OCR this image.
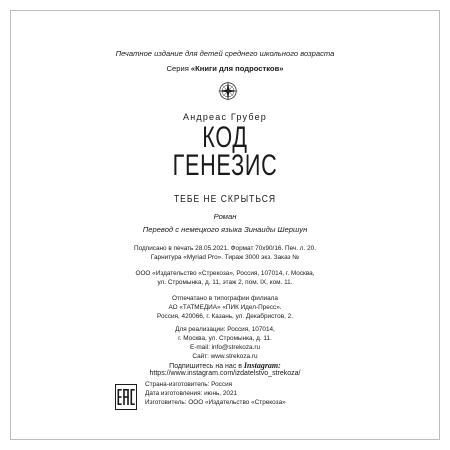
Печатное издание для детей среднего школьного возраста
Серия «Книги для подростков»
Андреас Грубер
КОД
ГЕНЕЗИС
ТЕБЕ НЕ СКРЫТЬСЯ
Роман
Перевод с немецкого языка Зинаиды Шершун
Подписано в печать 28.05.2021. Формат 70х90/16. Печ. л. 20.
Гарнитура «Myriad Pro». Тираж 3000 экз. Заказ №
ООО «Издательство «Стрекоза», Россия, 107014, г. Москва,
ул. Стромынка, д. 11, этаж 2, пом. IX, ком. 11.
Отпечатано в типографии филиала
АО «ТАТМЕДИА» «ПИК Идел-Пресс».
Россия, 420066, г. Казань, ул. Декабристов, 2.
Для реализации: Россия, 107014,
г. Москва, ул. Стромынка, д. 11.
E-mail: info@strekoza.ru
Сайт: www.strekoza.ru
Подпишитесь на нас в Instagram:
https://www.instagram.com/izdatelstvo_strekoza/
Страна-изготовитель: Россия
Дата изготовления: июнь, 2021
Изготовитель: ООО «Издательство «Стрекоза»
